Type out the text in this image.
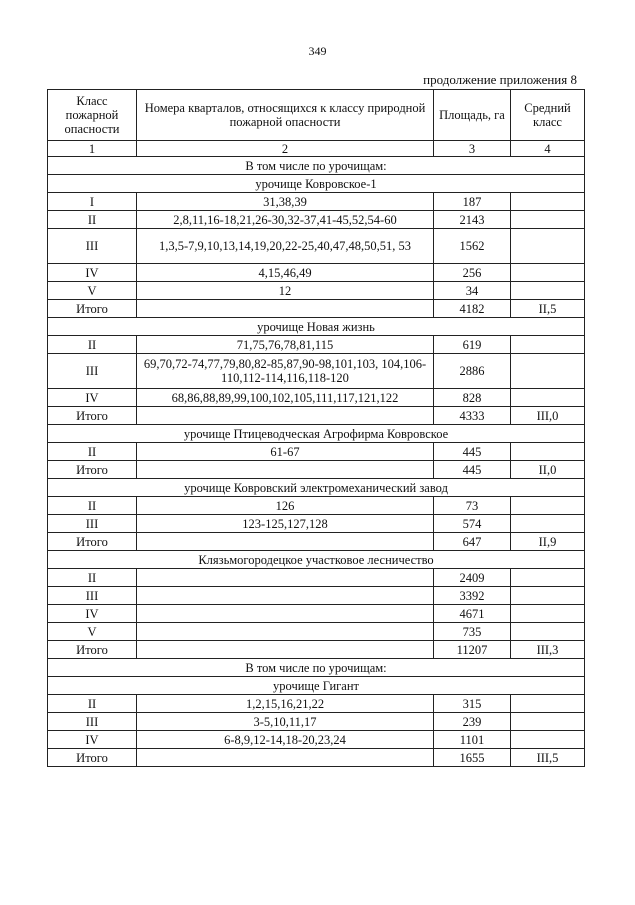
349
продолжение приложения 8
Класс пожарной опасности	Номера кварталов, относящихся к классу природной пожарной опасности	Площадь, га	Средний класс
1	2	3	4
В том числе по урочищам:			
урочище Ковровское-1			
I	31,38,39	187	
II	2,8,11,16-18,21,26-30,32-37,41-45,52,54-60	2143	
III	1,3,5-7,9,10,13,14,19,20,22-25,40,47,48,50,51, 53	1562	
IV	4,15,46,49	256	
V	12	34	
Итого		4182	II,5
урочище Новая жизнь			
II	71,75,76,78,81,115	619	
III	69,70,72-74,77,79,80,82-85,87,90-98,101,103, 104,106-110,112-114,116,118-120	2886	
IV	68,86,88,89,99,100,102,105,111,117,121,122	828	
Итого		4333	III,0
урочище Птицеводческая Агрофирма Ковровское			
II	61-67	445	
Итого		445	II,0
урочище Ковровский электромеханический завод			
II	126	73	
III	123-125,127,128	574	
Итого		647	II,9
Клязьмогородецкое участковое лесничество			
II		2409	
III		3392	
IV		4671	
V		735	
Итого		11207	III,3
В том числе по урочищам:			
урочище Гигант			
II	1,2,15,16,21,22	315	
III	3-5,10,11,17	239	
IV	6-8,9,12-14,18-20,23,24	1101	
Итого		1655	III,5
